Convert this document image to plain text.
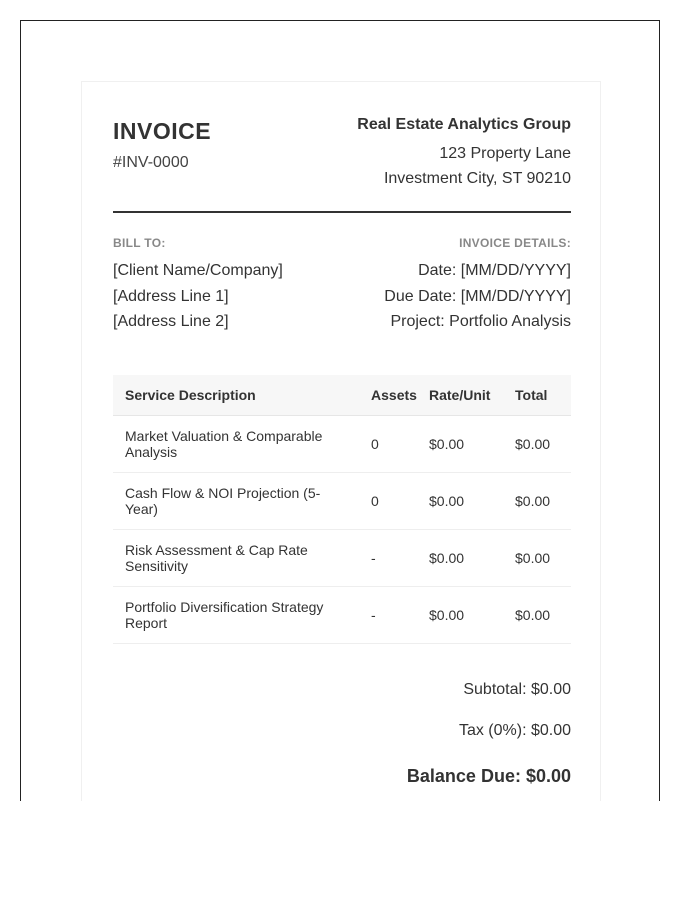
INVOICE
#INV-0000
Real Estate Analytics Group
123 Property Lane
Investment City, ST 90210
BILL TO:
[Client Name/Company]
[Address Line 1]
[Address Line 2]
INVOICE DETAILS:
Date: [MM/DD/YYYY]
Due Date: [MM/DD/YYYY]
Project: Portfolio Analysis
Service Description	Assets	Rate/Unit	Total
Market Valuation & Comparable Analysis	0	$0.00	$0.00
Cash Flow & NOI Projection (5-Year)	0	$0.00	$0.00
Risk Assessment & Cap Rate Sensitivity	-	$0.00	$0.00
Portfolio Diversification Strategy Report	-	$0.00	$0.00
Subtotal: $0.00
Tax (0%): $0.00
Balance Due: $0.00
